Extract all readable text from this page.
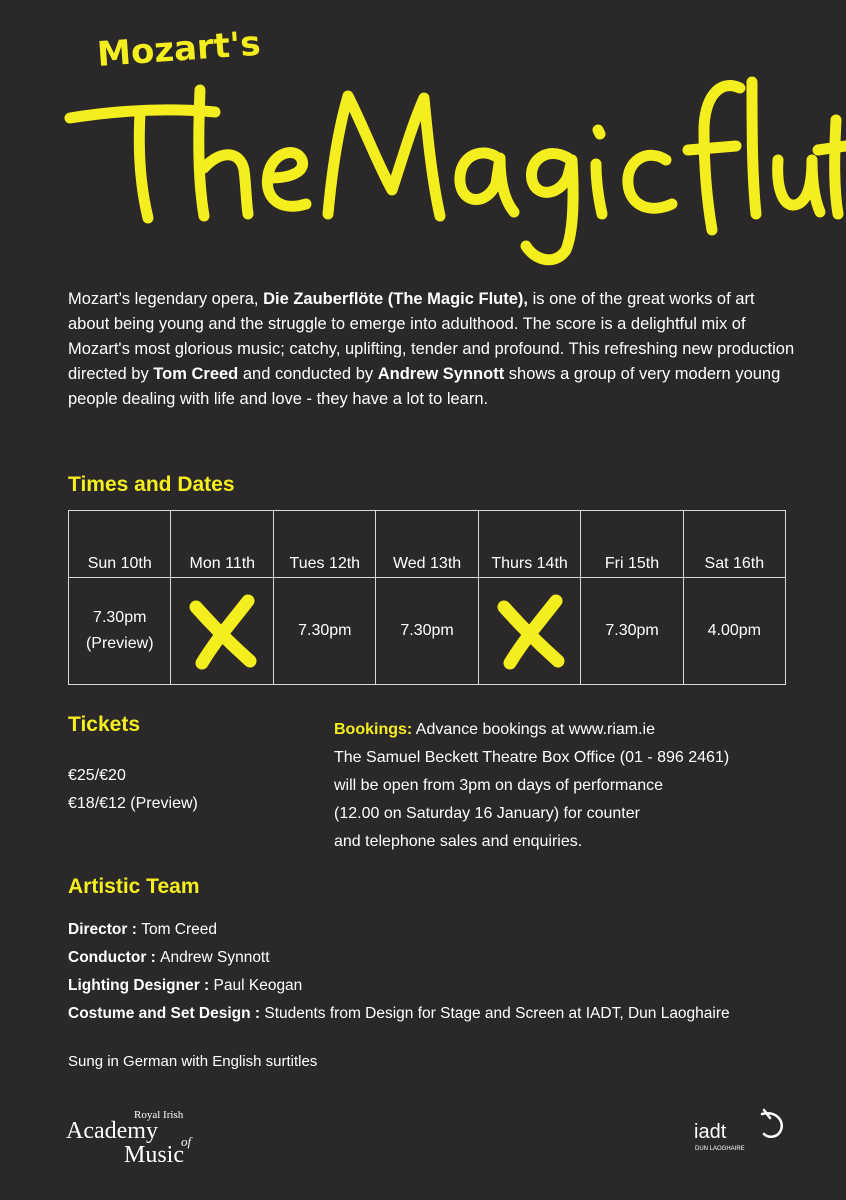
Mozart's

Mozart’s legendary opera, Die Zauberflöte (The Magic Flute), is one of the great works of art about being young and the struggle to emerge into adulthood. The score is a delightful mix of Mozart's most glorious music; catchy, uplifting, tender and profound. This refreshing new production directed by Tom Creed and conducted by Andrew Synnott shows a group of very modern young people dealing with life and love - they have a lot to learn.

Times and Dates
Sun 10th	Mon 11th	Tues 12th	Wed 13th	Thurs 14th	Fri 15th	Sat 16th

7.30pm
(Preview)		7.30pm	7.30pm		7.30pm	4.00pm
Tickets
€25/€20
€18/€12 (Preview)
Bookings: Advance bookings at www.riam.ie
The Samuel Beckett Theatre Box Office (01 - 896 2461)
will be open from 3pm on days of performance
(12.00 on Saturday 16 January) for counter
and telephone sales and enquiries.
Artistic Team
Director : Tom Creed
Conductor : Andrew Synnott
Lighting Designer : Paul Keogan
Costume and Set Design : Students from Design for Stage and Screen at IADT, Dun Laoghaire
Sung in German with English surtitles
Royal Irish
Academy of
Music
iadt
DUN LAOGHAIRE
